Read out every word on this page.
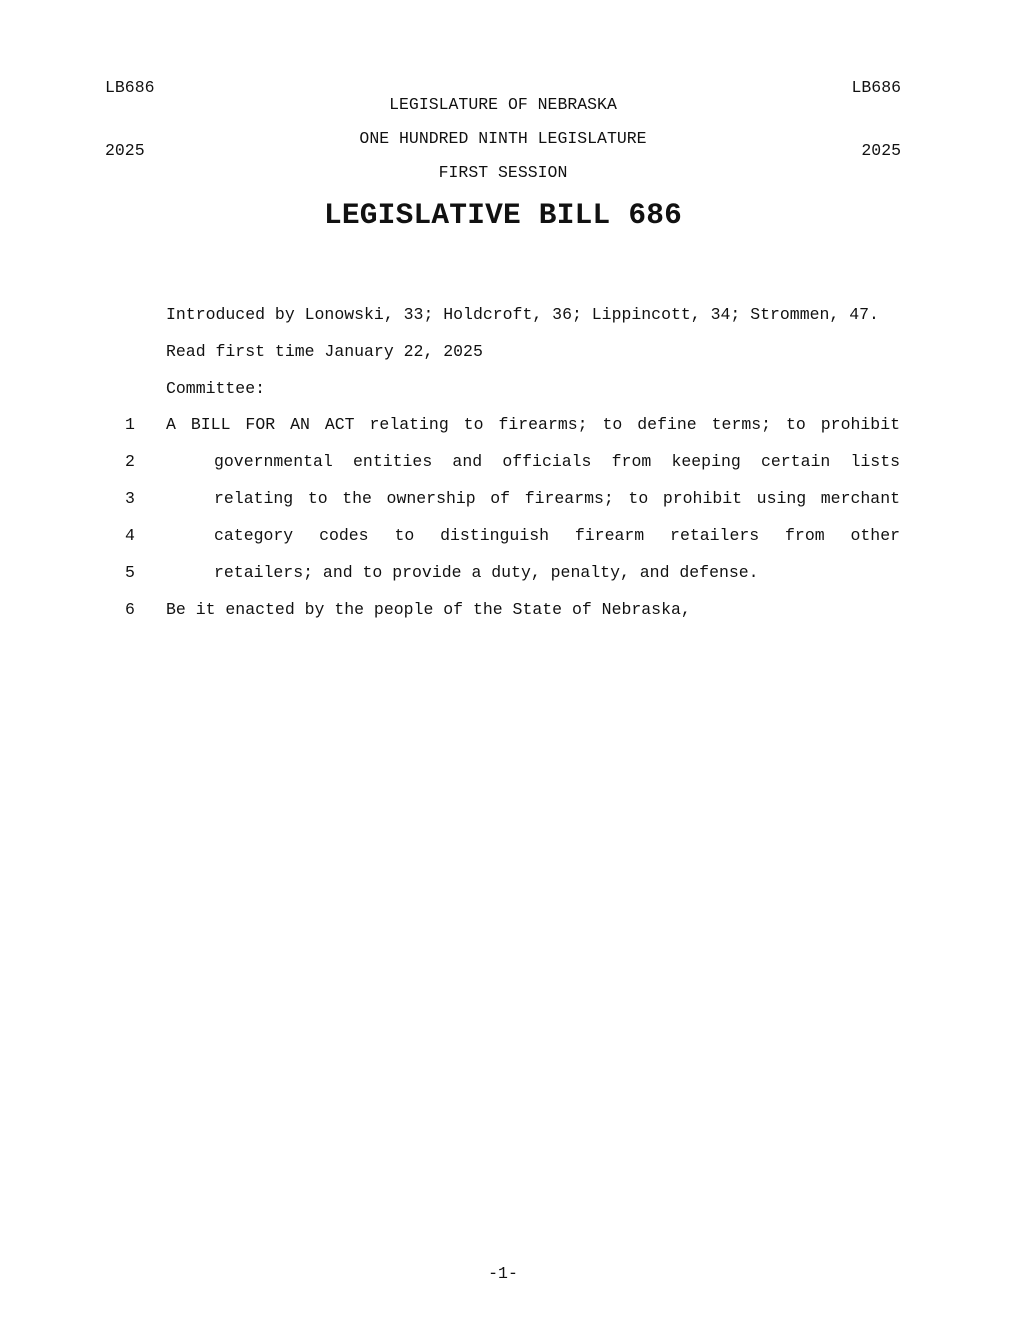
LB686

2025

LB686

2025

LEGISLATURE OF NEBRASKA
ONE HUNDRED NINTH LEGISLATURE
FIRST SESSION
LEGISLATIVE BILL 686
Introduced by Lonowski, 33; Holdcroft, 36; Lippincott, 34; Strommen, 47.
Read first time January 22, 2025
Committee:
1	A BILL FOR AN ACT relating to firearms; to define terms; to prohibit
2	governmental entities and officials from keeping certain lists
3	relating to the ownership of firearms; to prohibit using merchant
4	category codes to distinguish firearm retailers from other
5	retailers; and to provide a duty, penalty, and defense.
6	Be it enacted by the people of the State of Nebraska,
-1-
